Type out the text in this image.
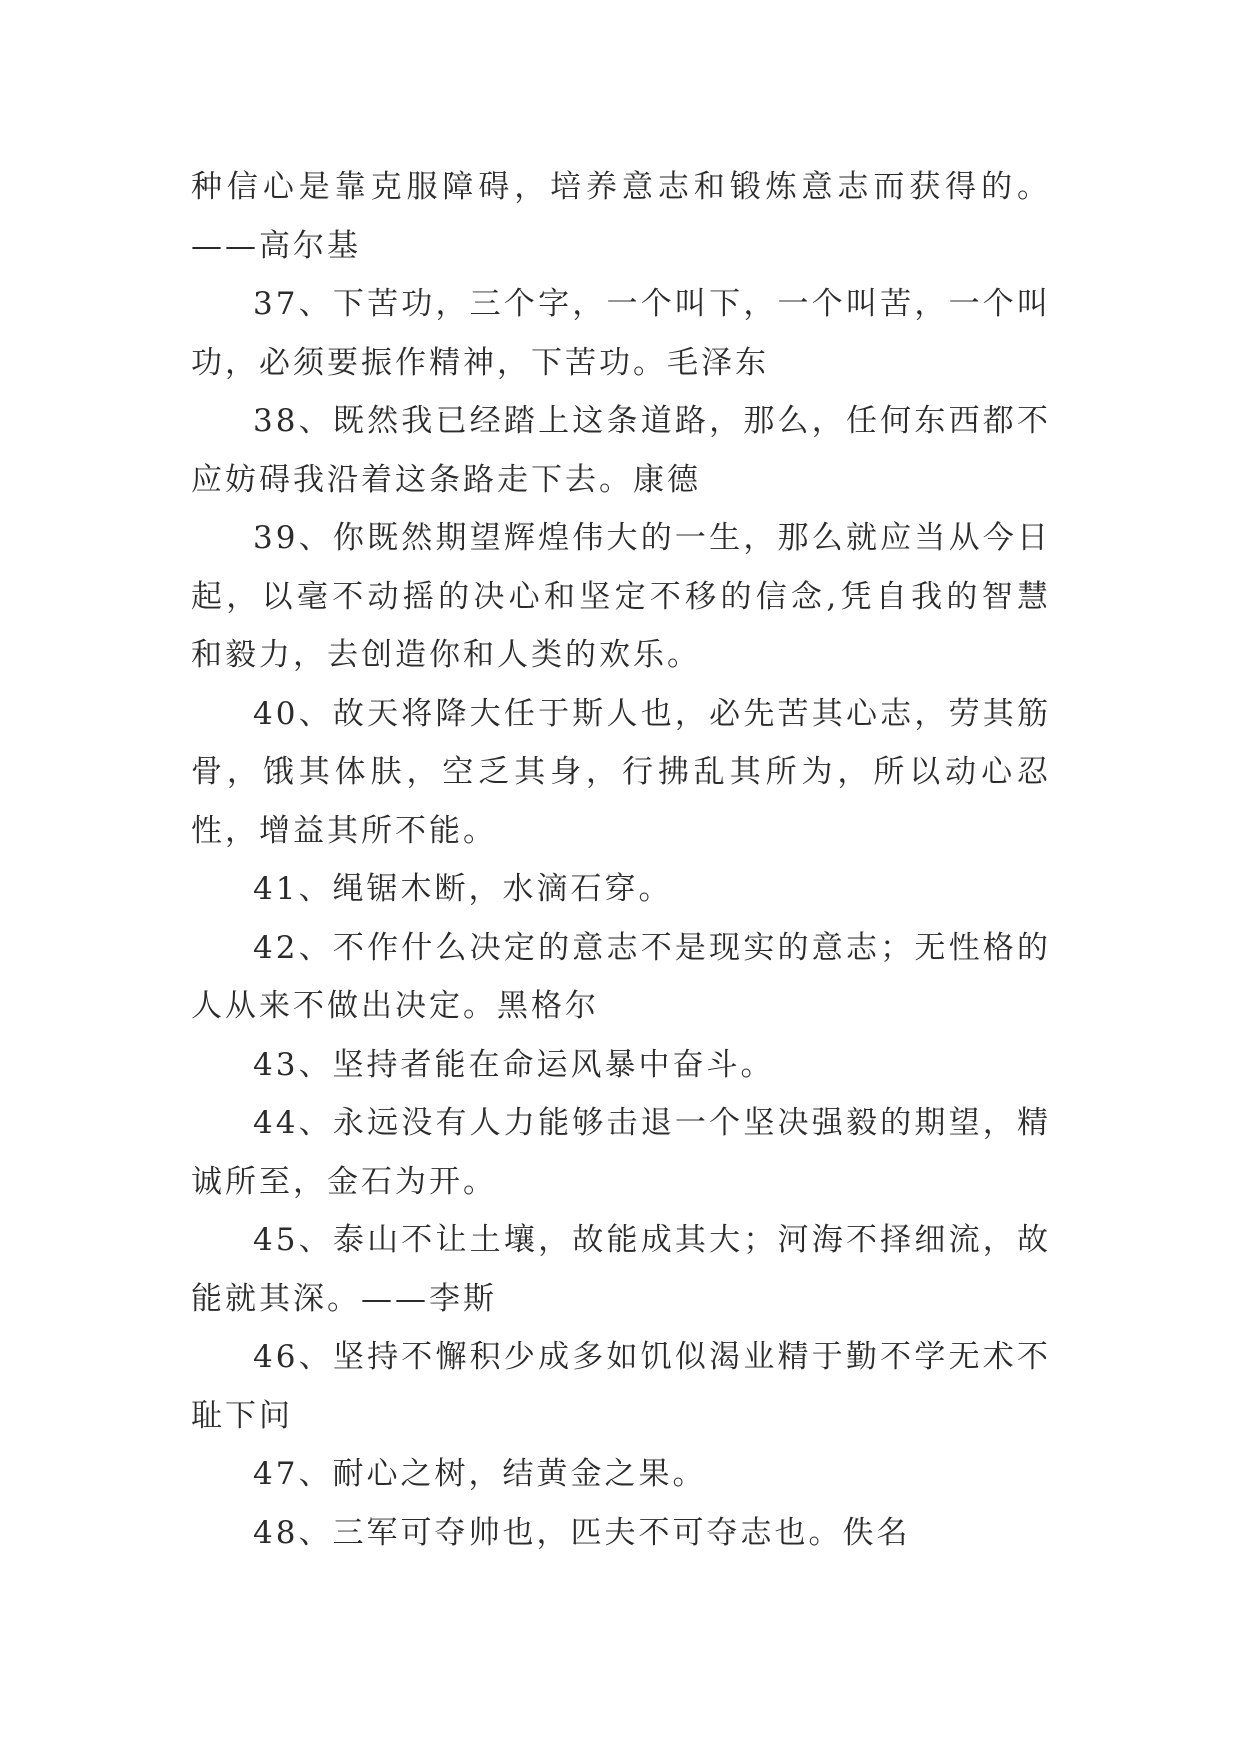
种信心是靠克服障碍，培养意志和锻炼意志而获得的。——高尔基

37、下苦功，三个字，一个叫下，一个叫苦，一个叫功，必须要振作精神，下苦功。毛泽东

38、既然我已经踏上这条道路，那么，任何东西都不应妨碍我沿着这条路走下去。康德

39、你既然期望辉煌伟大的一生，那么就应当从今日起，以毫不动摇的决心和坚定不移的信念,凭自我的智慧和毅力，去创造你和人类的欢乐。

40、故天将降大任于斯人也，必先苦其心志，劳其筋骨，饿其体肤，空乏其身，行拂乱其所为，所以动心忍性，增益其所不能。

41、绳锯木断，水滴石穿。

42、不作什么决定的意志不是现实的意志；无性格的人从来不做出决定。黑格尔

43、坚持者能在命运风暴中奋斗。

44、永远没有人力能够击退一个坚决强毅的期望，精诚所至，金石为开。

45、泰山不让土壤，故能成其大；河海不择细流，故能就其深。——李斯

46、坚持不懈积少成多如饥似渴业精于勤不学无术不耻下问

47、耐心之树，结黄金之果。

48、三军可夺帅也，匹夫不可夺志也。佚名
